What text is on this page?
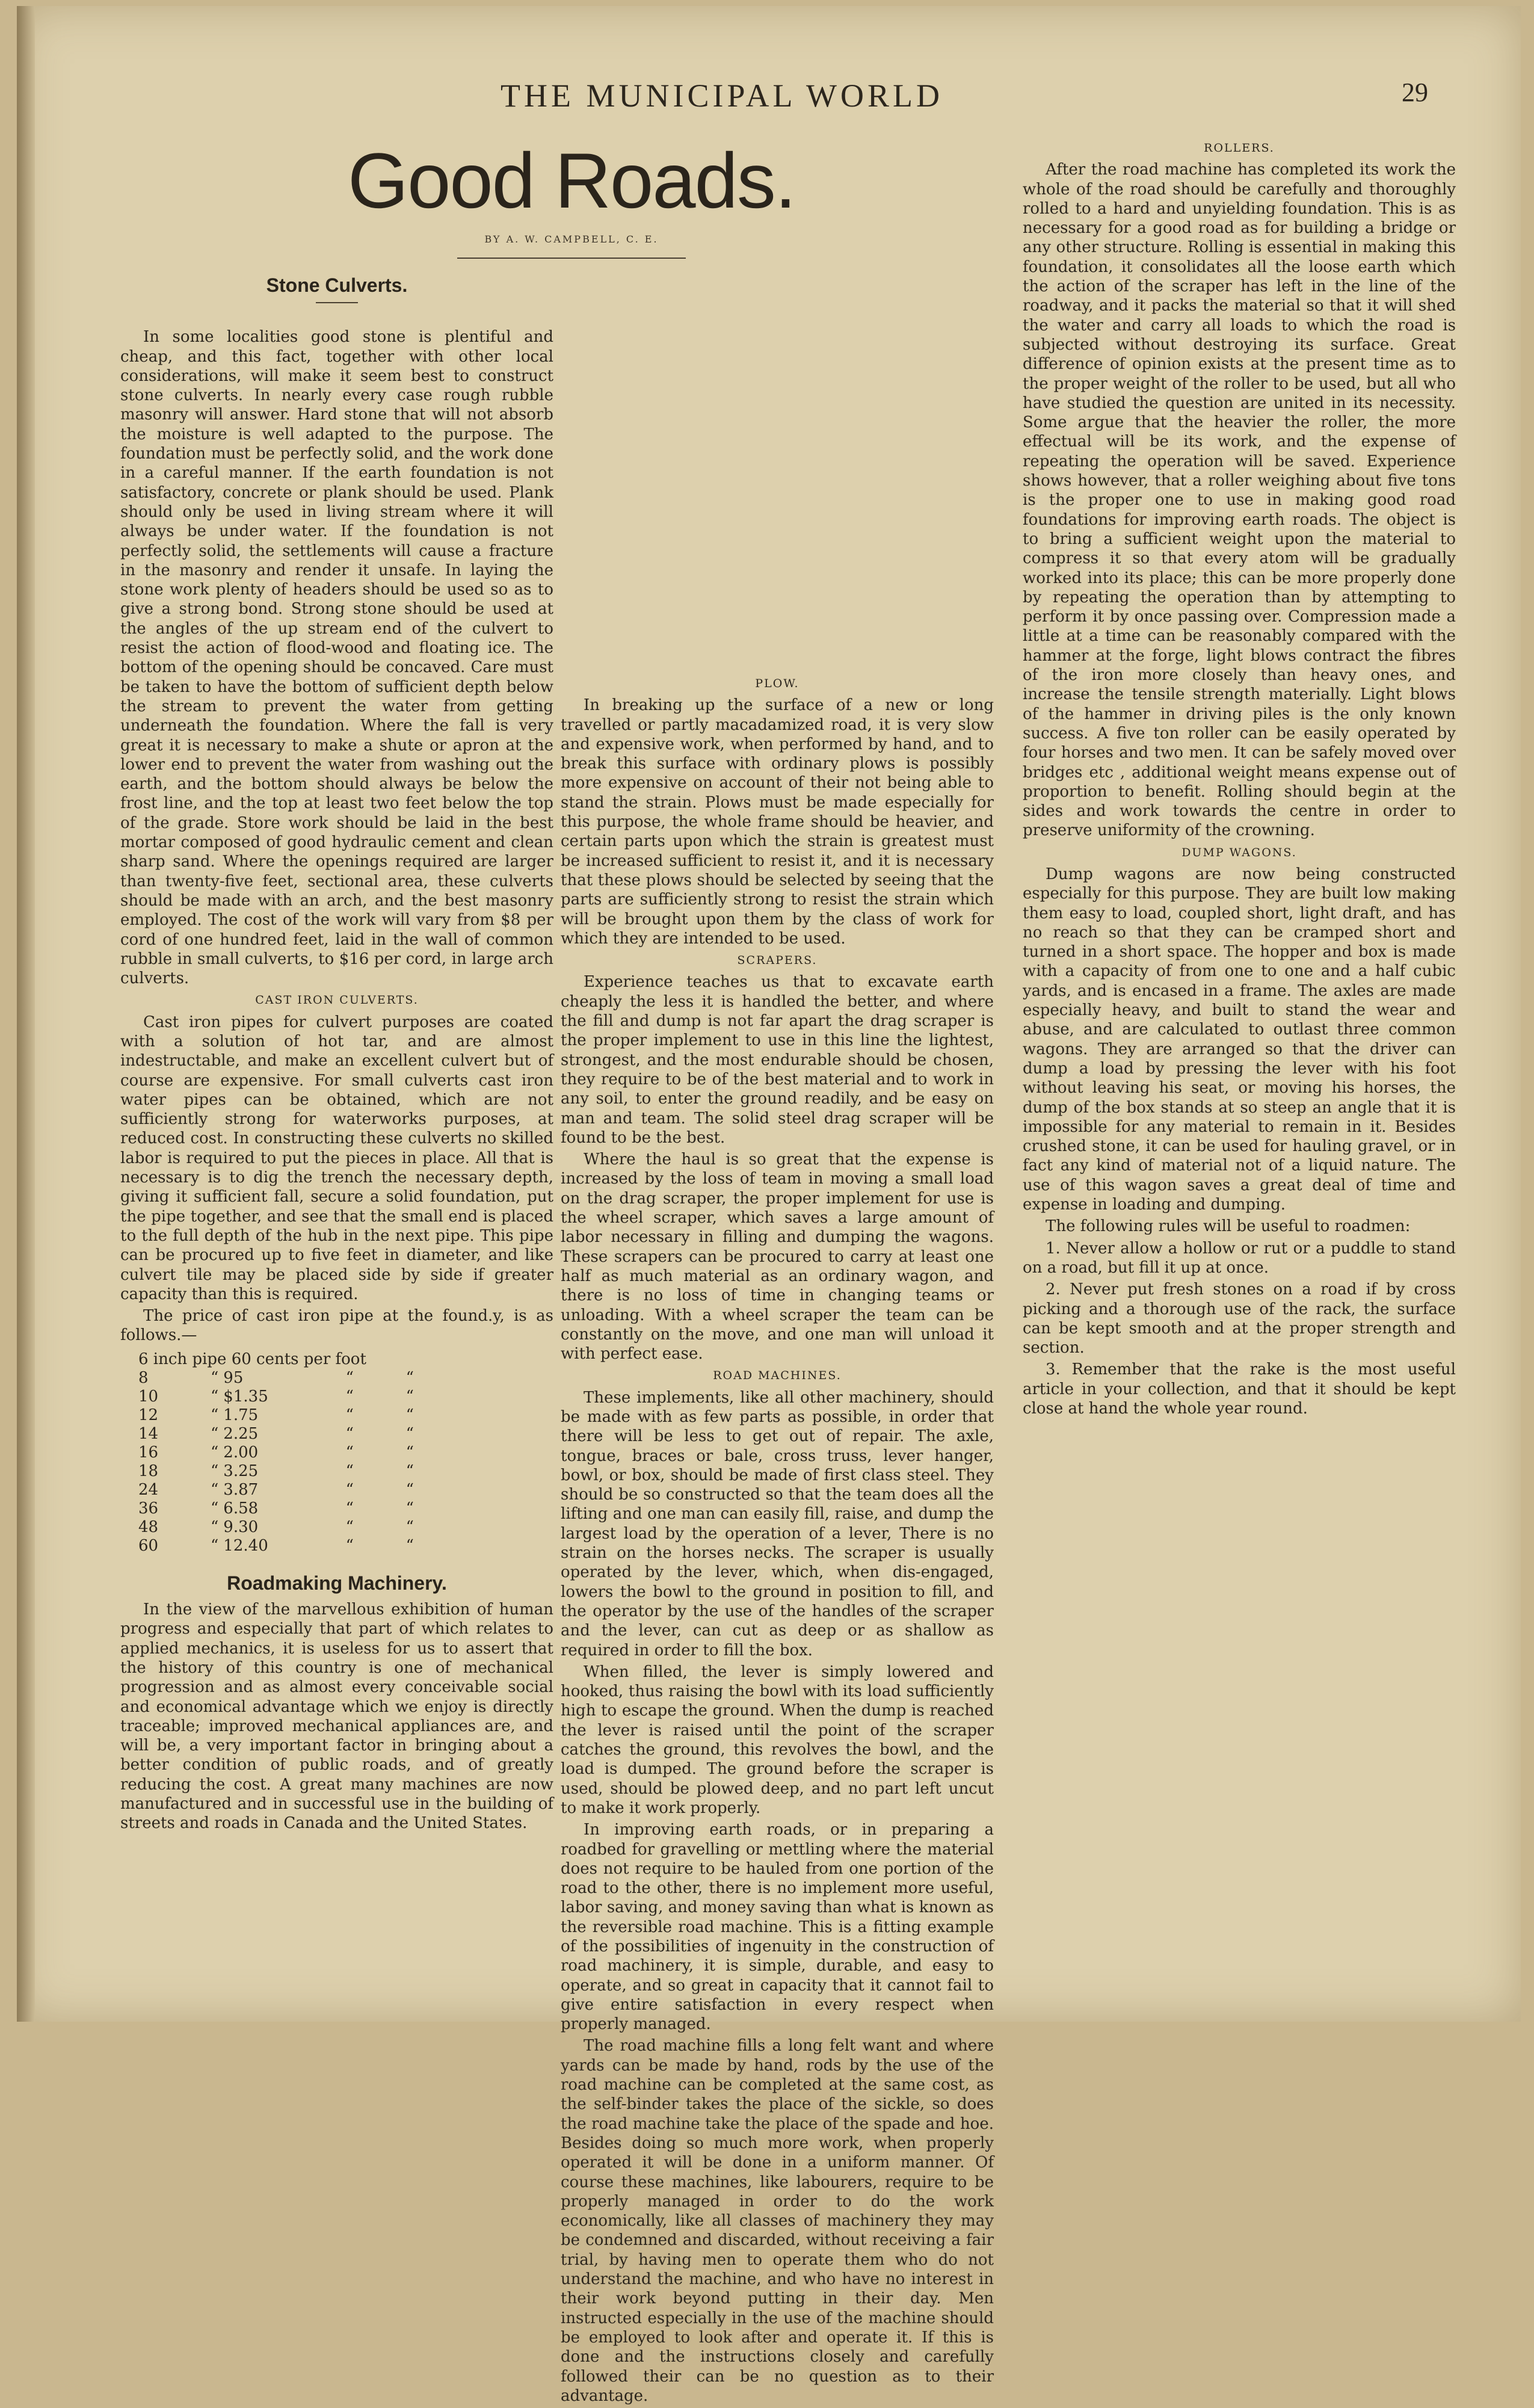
THE MUNICIPAL WORLD	29
Good Roads.
BY A. W. CAMPBELL, C. E.
Stone Culverts.

In some localities good stone is plentiful and cheap, and this fact, together with other local considerations, will make it seem best to construct stone culverts. In nearly every case rough rubble masonry will answer. Hard stone that will not absorb the moisture is well adapted to the purpose. The foundation must be perfectly solid, and the work done in a careful manner. If the earth foundation is not satisfactory, concrete or plank should be used. Plank should only be used in living stream where it will always be under water. If the foundation is not perfectly solid, the settlements will cause a fracture in the masonry and render it unsafe. In laying the stone work plenty of headers should be used so as to give a strong bond. Strong stone should be used at the angles of the up stream end of the culvert to resist the action of flood-wood and floating ice. The bottom of the opening should be concaved. Care must be taken to have the bottom of sufficient depth below the stream to prevent the water from getting underneath the foundation. Where the fall is very great it is necessary to make a shute or apron at the lower end to prevent the water from washing out the earth, and the bottom should always be below the frost line, and the top at least two feet below the top of the grade. Store work should be laid in the best mortar composed of good hydraulic cement and clean sharp sand. Where the openings required are larger than twenty-five feet, sectional area, these culverts should be made with an arch, and the best masonry employed. The cost of the work will vary from $8 per cord of one hundred feet, laid in the wall of common rubble in small culverts, to $16 per cord, in large arch culverts.

CAST IRON CULVERTS.

Cast iron pipes for culvert purposes are coated with a solution of hot tar, and are almost indestructable, and make an excellent culvert but of course are expensive. For small culverts cast iron water pipes can be obtained, which are not sufficiently strong for waterworks purposes, at reduced cost. In constructing these culverts no skilled labor is required to put the pieces in place. All that is necessary is to dig the trench the necessary depth, giving it sufficient fall, secure a solid foundation, put the pipe together, and see that the small end is placed to the full depth of the hub in the next pipe. This pipe can be procured up to five feet in diameter, and like culvert tile may be placed side by side if greater capacity than this is required.

The price of cast iron pipe at the found.y, is as follows.—

6 inch pipe 60 cents per foot
8	“ 95	“	“
10	“ $1.35	“	“
12	“ 1.75	“	“
14	“ 2.25	“	“
16	“ 2.00	“	“
18	“ 3.25	“	“
24	“ 3.87	“	“
36	“ 6.58	“	“
48	“ 9.30	“	“
60	“ 12.40	“	“
Roadmaking Machinery.

In the view of the marvellous exhibition of human progress and especially that part of which relates to applied mechanics, it is useless for us to assert that the history of this country is one of mechanical progression and as almost every conceivable social and economical advantage which we enjoy is directly traceable; improved mechanical appliances are, and will be, a very important factor in bringing about a better condition of public roads, and of greatly reducing the cost. A great many machines are now manufactured and in successful use in the building of streets and roads in Canada and the United States.

PLOW.

In breaking up the surface of a new or long travelled or partly macadamized road, it is very slow and expensive work, when performed by hand, and to break this surface with ordinary plows is possibly more expensive on account of their not being able to stand the strain. Plows must be made especially for this purpose, the whole frame should be heavier, and certain parts upon which the strain is greatest must be increased sufficient to resist it, and it is necessary that these plows should be selected by seeing that the parts are sufficiently strong to resist the strain which will be brought upon them by the class of work for which they are intended to be used.

SCRAPERS.

Experience teaches us that to excavate earth cheaply the less it is handled the better, and where the fill and dump is not far apart the drag scraper is the proper implement to use in this line the lightest, strongest, and the most endurable should be chosen, they require to be of the best material and to work in any soil, to enter the ground readily, and be easy on man and team. The solid steel drag scraper will be found to be the best.

Where the haul is so great that the expense is increased by the loss of team in moving a small load on the drag scraper, the proper implement for use is the wheel scraper, which saves a large amount of labor necessary in filling and dumping the wagons. These scrapers can be procured to carry at least one half as much material as an ordinary wagon, and there is no loss of time in changing teams or unloading. With a wheel scraper the team can be constantly on the move, and one man will unload it with perfect ease.

ROAD MACHINES.

These implements, like all other machinery, should be made with as few parts as possible, in order that there will be less to get out of repair. The axle, tongue, braces or bale, cross truss, lever hanger, bowl, or box, should be made of first class steel. They should be so constructed so that the team does all the lifting and one man can easily fill, raise, and dump the largest load by the operation of a lever, There is no strain on the horses necks. The scraper is usually operated by the lever, which, when dis-engaged, lowers the bowl to the ground in position to fill, and the operator by the use of the handles of the scraper and the lever, can cut as deep or as shallow as required in order to fill the box.

When filled, the lever is simply lowered and hooked, thus raising the bowl with its load sufficiently high to escape the ground. When the dump is reached the lever is raised until the point of the scraper catches the ground, this revolves the bowl, and the load is dumped. The ground before the scraper is used, should be plowed deep, and no part left uncut to make it work properly.

In improving earth roads, or in preparing a roadbed for gravelling or mettling where the material does not require to be hauled from one portion of the road to the other, there is no implement more useful, labor saving, and money saving than what is known as the reversible road machine. This is a fitting example of the possibilities of ingenuity in the construction of road machinery, it is simple, durable, and easy to operate, and so great in capacity that it cannot fail to give entire satisfaction in every respect when properly managed.

The road machine fills a long felt want and where yards can be made by hand, rods by the use of the road machine can be completed at the same cost, as the self-binder takes the place of the sickle, so does the road machine take the place of the spade and hoe. Besides doing so much more work, when properly operated it will be done in a uniform manner. Of course these machines, like labourers, require to be properly managed in order to do the work economically, like all classes of machinery they may be condemned and discarded, without receiving a fair trial, by having men to operate them who do not understand the machine, and who have no interest in their work beyond putting in their day. Men instructed especially in the use of the machine should be employed to look after and operate it. If this is done and the instructions closely and carefully followed their can be no question as to their advantage.

ROLLERS.

After the road machine has completed its work the whole of the road should be carefully and thoroughly rolled to a hard and unyielding foundation. This is as necessary for a good road as for building a bridge or any other structure. Rolling is essential in making this foundation, it consolidates all the loose earth which the action of the scraper has left in the line of the roadway, and it packs the material so that it will shed the water and carry all loads to which the road is subjected without destroying its surface. Great difference of opinion exists at the present time as to the proper weight of the roller to be used, but all who have studied the question are united in its necessity. Some argue that the heavier the roller, the more effectual will be its work, and the expense of repeating the operation will be saved. Experience shows however, that a roller weighing about five tons is the proper one to use in making good road foundations for improving earth roads. The object is to bring a sufficient weight upon the material to compress it so that every atom will be gradually worked into its place; this can be more properly done by repeating the operation than by attempting to perform it by once passing over. Compression made a little at a time can be reasonably compared with the hammer at the forge, light blows contract the fibres of the iron more closely than heavy ones, and increase the tensile strength materially. Light blows of the hammer in driving piles is the only known success. A five ton roller can be easily operated by four horses and two men. It can be safely moved over bridges etc , additional weight means expense out of proportion to benefit. Rolling should begin at the sides and work towards the centre in order to preserve uniformity of the crowning.

DUMP WAGONS.

Dump wagons are now being constructed especially for this purpose. They are built low making them easy to load, coupled short, light draft, and has no reach so that they can be cramped short and turned in a short space. The hopper and box is made with a capacity of from one to one and a half cubic yards, and is encased in a frame. The axles are made especially heavy, and built to stand the wear and abuse, and are calculated to outlast three common wagons. They are arranged so that the driver can dump a load by pressing the lever with his foot without leaving his seat, or moving his horses, the dump of the box stands at so steep an angle that it is impossible for any material to remain in it. Besides crushed stone, it can be used for hauling gravel, or in fact any kind of material not of a liquid nature. The use of this wagon saves a great deal of time and expense in loading and dumping.

The following rules will be useful to roadmen:

1. Never allow a hollow or rut or a puddle to stand on a road, but fill it up at once.

2. Never put fresh stones on a road if by cross picking and a thorough use of the rack, the surface can be kept smooth and at the proper strength and section.

3. Remember that the rake is the most useful article in your collection, and that it should be kept close at hand the whole year round.
